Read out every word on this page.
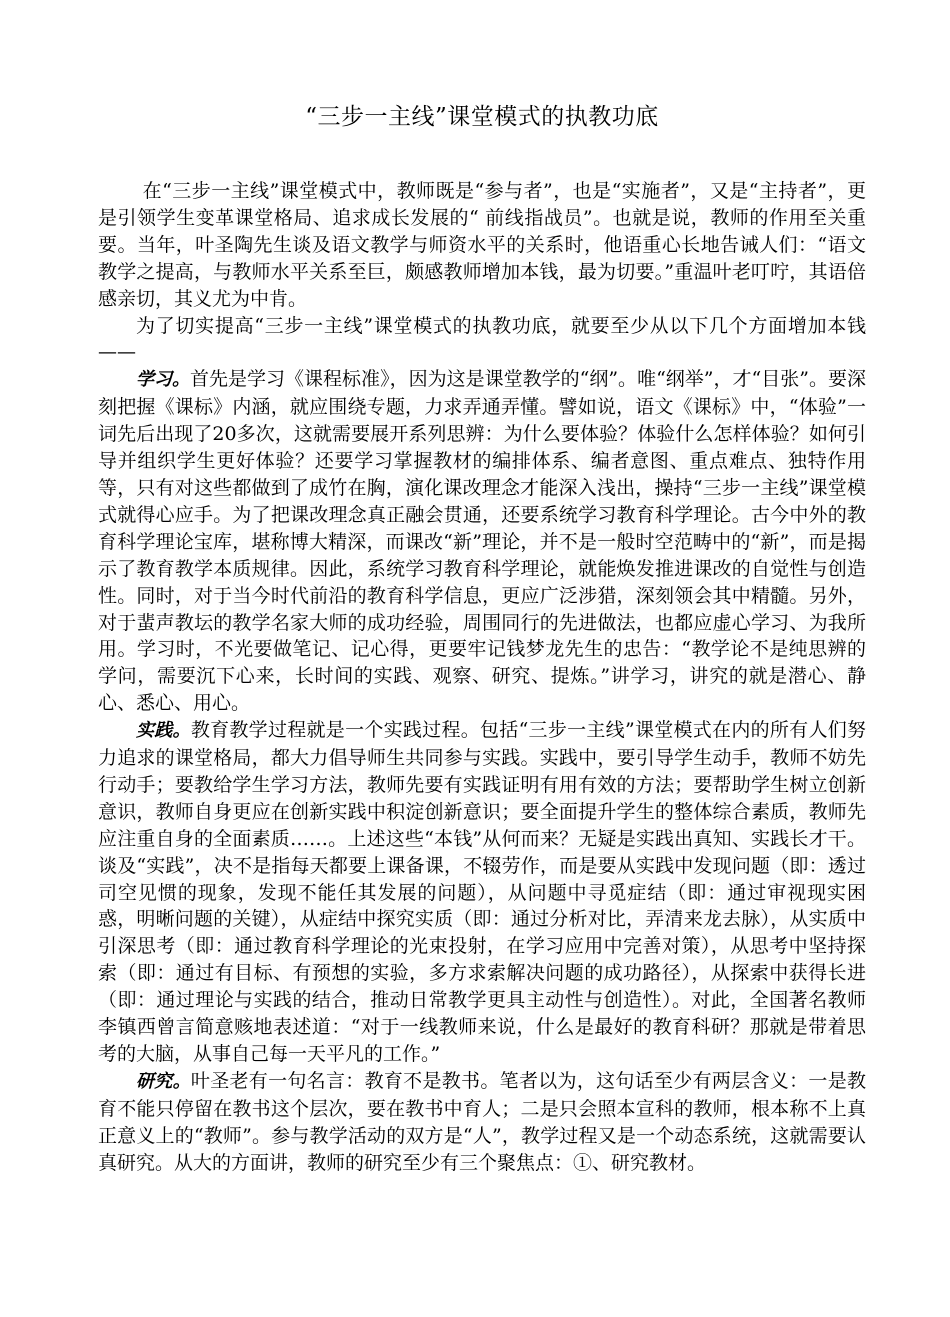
“三步一主线”课堂模式的执教功底

在“三步一主线”课堂模式中，教师既是“参与者”，也是“实施者”，又是“主持者”，更是引领学生变革课堂格局、追求成长发展的“ 前线指战员”。也就是说，教师的作用至关重要。当年，叶圣陶先生谈及语文教学与师资水平的关系时，他语重心长地告诫人们：“语文教学之提高，与教师水平关系至巨，颇感教师增加本钱，最为切要。”重温叶老叮咛，其语倍感亲切，其义尤为中肯。

为了切实提高“三步一主线”课堂模式的执教功底，就要至少从以下几个方面增加本钱——

学习。首先是学习《课程标准》，因为这是课堂教学的“纲”。唯“纲举”，才“目张”。要深刻把握《课标》内涵，就应围绕专题，力求弄通弄懂。譬如说，语文《课标》中，“体验”一词先后出现了20多次，这就需要展开系列思辨：为什么要体验？体验什么怎样体验？如何引导并组织学生更好体验？还要学习掌握教材的编排体系、编者意图、重点难点、独特作用等，只有对这些都做到了成竹在胸，演化课改理念才能深入浅出，操持“三步一主线”课堂模式就得心应手。为了把课改理念真正融会贯通，还要系统学习教育科学理论。古今中外的教育科学理论宝库，堪称博大精深，而课改“新”理论，并不是一般时空范畴中的“新”，而是揭示了教育教学本质规律。因此，系统学习教育科学理论，就能焕发推进课改的自觉性与创造性。同时，对于当今时代前沿的教育科学信息，更应广泛涉猎，深刻领会其中精髓。另外，对于蜚声教坛的教学名家大师的成功经验，周围同行的先进做法，也都应虚心学习、为我所用。学习时，不光要做笔记、记心得，更要牢记钱梦龙先生的忠告：“教学论不是纯思辨的学问，需要沉下心来，长时间的实践、观察、研究、提炼。”讲学习，讲究的就是潜心、静心、悉心、用心。

实践。教育教学过程就是一个实践过程。包括“三步一主线”课堂模式在内的所有人们努力追求的课堂格局，都大力倡导师生共同参与实践。实践中，要引导学生动手，教师不妨先行动手；要教给学生学习方法，教师先要有实践证明有用有效的方法；要帮助学生树立创新意识，教师自身更应在创新实践中积淀创新意识；要全面提升学生的整体综合素质，教师先应注重自身的全面素质……。上述这些“本钱”从何而来？无疑是实践出真知、实践长才干。谈及“实践”，决不是指每天都要上课备课，不辍劳作，而是要从实践中发现问题（即：透过司空见惯的现象，发现不能任其发展的问题），从问题中寻觅症结（即：通过审视现实困惑，明晰问题的关键），从症结中探究实质（即：通过分析对比，弄清来龙去脉），从实质中引深思考（即：通过教育科学理论的光束投射，在学习应用中完善对策），从思考中坚持探索（即：通过有目标、有预想的实验，多方求索解决问题的成功路径），从探索中获得长进（即：通过理论与实践的结合，推动日常教学更具主动性与创造性）。对此，全国著名教师李镇西曾言简意赅地表述道：“对于一线教师来说，什么是最好的教育科研？那就是带着思考的大脑，从事自己每一天平凡的工作。”

研究。叶圣老有一句名言：教育不是教书。笔者以为，这句话至少有两层含义：一是教育不能只停留在教书这个层次，要在教书中育人；二是只会照本宣科的教师，根本称不上真正意义上的“教师”。参与教学活动的双方是“人”，教学过程又是一个动态系统，这就需要认真研究。从大的方面讲，教师的研究至少有三个聚焦点：①、研究教材。
